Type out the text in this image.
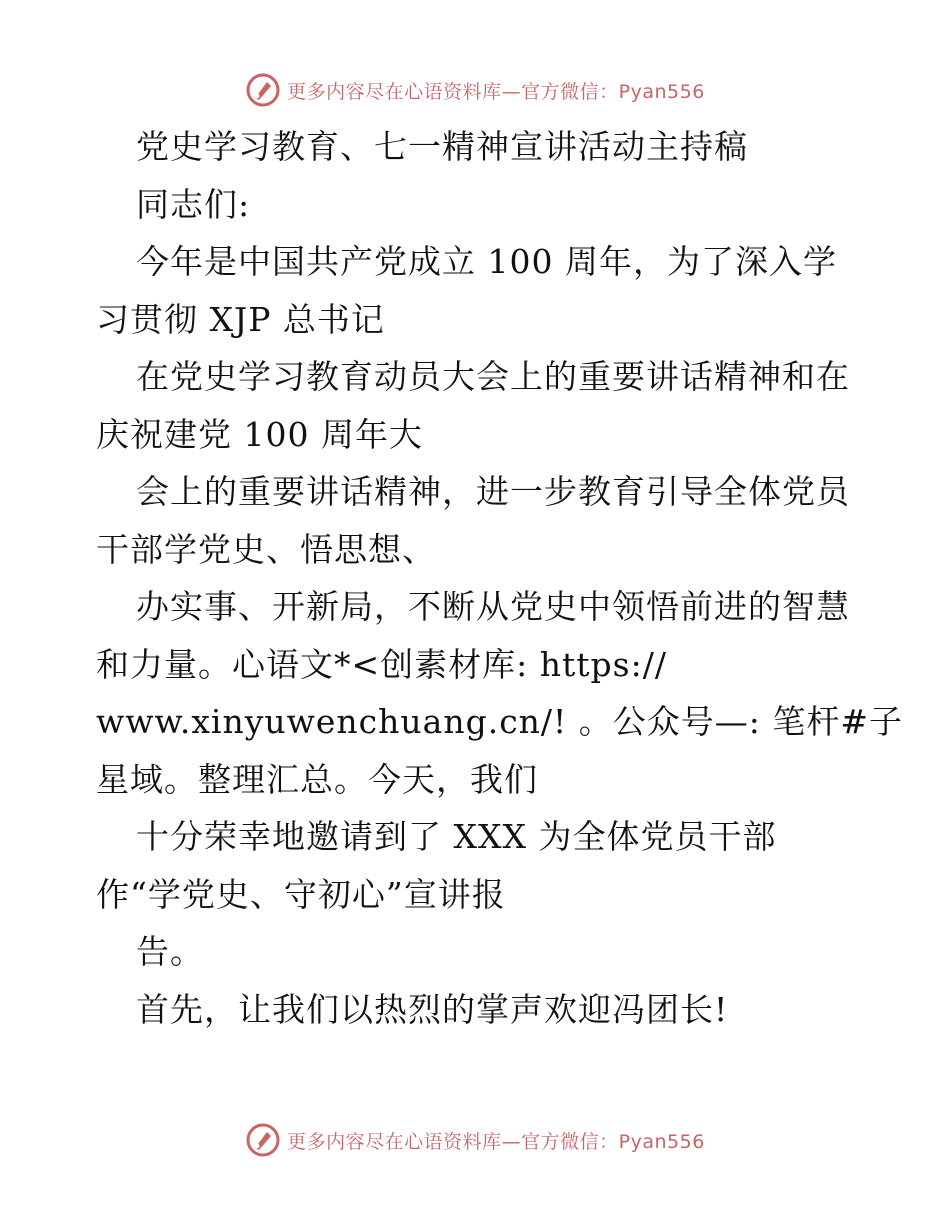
更多内容尽在心语资料库—官方微信：Pyan556
党史学习教育、七一精神宣讲活动主持稿
同志们:
今年是中国共产党成立 100 周年，为了深入学
习贯彻 XJP 总书记
在党史学习教育动员大会上的重要讲话精神和在
庆祝建党 100 周年大
会上的重要讲话精神，进一步教育引导全体党员
干部学党史、悟思想、
办实事、开新局，不断从党史中领悟前进的智慧
和力量。心语文*<创素材库: https://
www.xinyuwenchuang.cn/! 。公众号—: 笔杆#子
星域。整理汇总。今天，我们
十分荣幸地邀请到了 XXX 为全体党员干部
作“学党史、守初心”宣讲报
告。
首先，让我们以热烈的掌声欢迎冯团长!
更多内容尽在心语资料库—官方微信：Pyan556
